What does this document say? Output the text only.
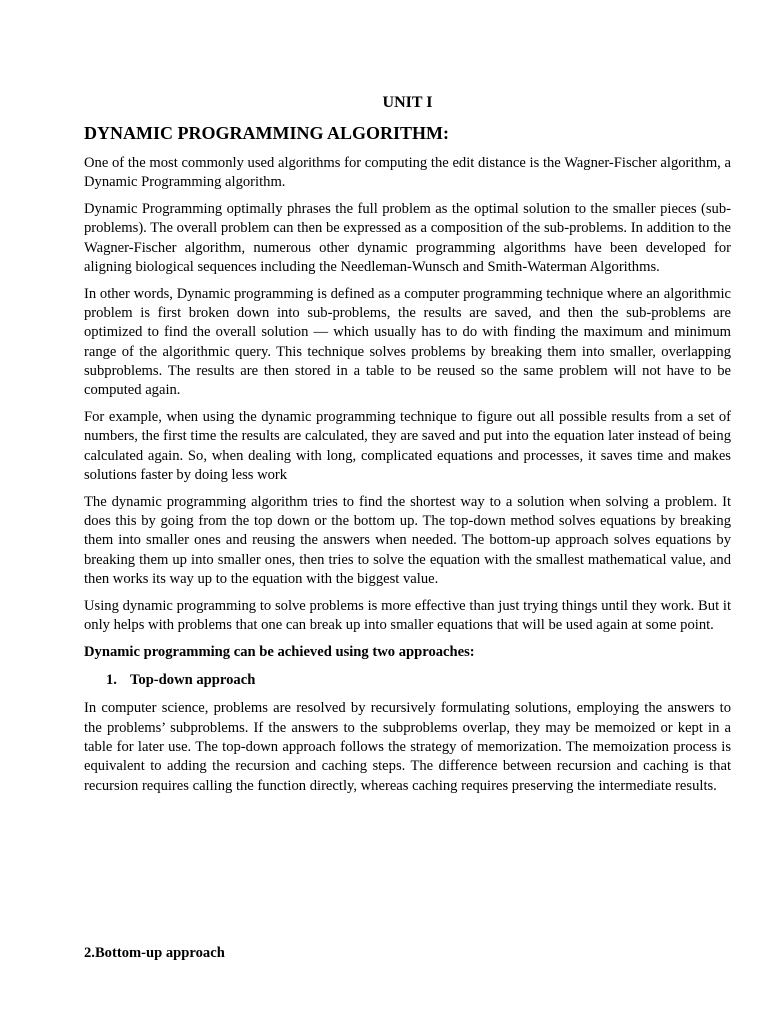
UNIT I
DYNAMIC PROGRAMMING ALGORITHM:

One of the most commonly used algorithms for computing the edit distance is the Wagner-Fischer algorithm, a Dynamic Programming algorithm.

Dynamic Programming optimally phrases the full problem as the optimal solution to the smaller pieces (sub-problems). The overall problem can then be expressed as a composition of the sub-problems. In addition to the Wagner-Fischer algorithm, numerous other dynamic programming algorithms have been developed for aligning biological sequences including the Needleman-Wunsch and Smith-Waterman Algorithms.

In other words, Dynamic programming is defined as a computer programming technique where an algorithmic problem is first broken down into sub-problems, the results are saved, and then the sub-problems are optimized to find the overall solution — which usually has to do with finding the maximum and minimum range of the algorithmic query. This technique solves problems by breaking them into smaller, overlapping subproblems. The results are then stored in a table to be reused so the same problem will not have to be computed again.

For example, when using the dynamic programming technique to figure out all possible results from a set of numbers, the first time the results are calculated, they are saved and put into the equation later instead of being calculated again. So, when dealing with long, complicated equations and processes, it saves time and makes solutions faster by doing less work

The dynamic programming algorithm tries to find the shortest way to a solution when solving a problem. It does this by going from the top down or the bottom up. The top-down method solves equations by breaking them into smaller ones and reusing the answers when needed. The bottom-up approach solves equations by breaking them up into smaller ones, then tries to solve the equation with the smallest mathematical value, and then works its way up to the equation with the biggest value.

Using dynamic programming to solve problems is more effective than just trying things until they work. But it only helps with problems that one can break up into smaller equations that will be used again at some point.

Dynamic programming can be achieved using two approaches:

1. Top-down approach

In computer science, problems are resolved by recursively formulating solutions, employing the answers to the problems’ subproblems. If the answers to the subproblems overlap, they may be memoized or kept in a table for later use. The top-down approach follows the strategy of memorization. The memoization process is equivalent to adding the recursion and caching steps. The difference between recursion and caching is that recursion requires calling the function directly, whereas caching requires preserving the intermediate results.

2.Bottom-up approach
